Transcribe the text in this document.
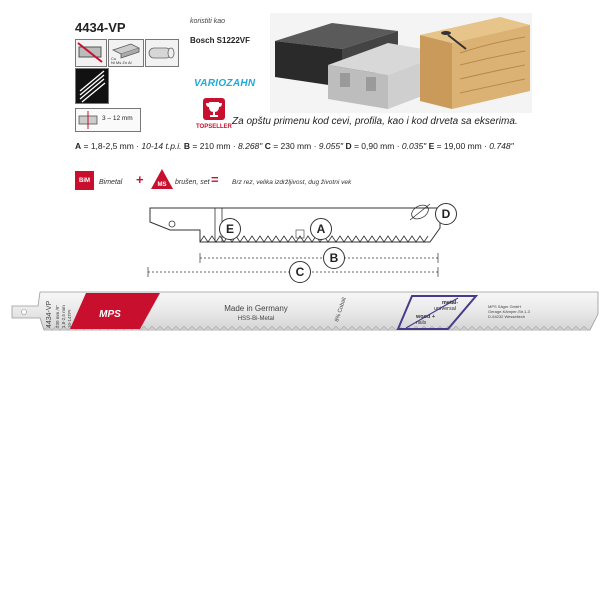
4434-VP	koristiti kao
Bosch S1222VF
Cu
Ni Ms Zn Al
3 – 12 mm
VARIOZAHN
TOPSELLER Za opštu primenu kod cevi, profila, kao i kod drveta sa ekserima.
A = 1,8-2,5 mm · 10-14 t.p.i. B = 210 mm · 8.268" C = 230 mm · 9.055" D = 0,90 mm · 0.035" E = 19,00 mm · 0.748"
BiM	Bimetal + MS brušen, set = Brz rez, velika izdržljivost, dug životni vek
E	A
D
B
C
MPS
4434-VP 230 mm /9" 1,8-2,5 mm 10-14TPI
Made in Germany
HSS-Bi-Metal	8% Cobalt	metal-
universal
wood +
nails
MPS Säger GmbH
Gerage-Kämper-Str.1-3
D-54232 Wesseltech
